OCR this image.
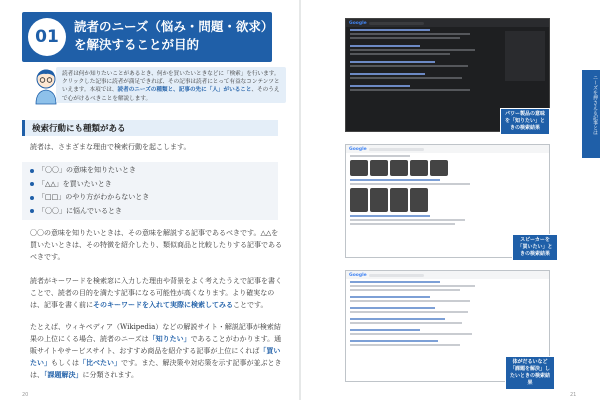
01
読者のニーズ（悩み・問題・欲求）を解決することが目的
読者は何か知りたいことがあるとき、何かを買いたいときなどに「検索」を行います。クリックした記事に読者が満足できれば、その記事は読者にとって有益なコンテンツといえます。本項では、読者のニーズの種類と、記事の先に「人」がいること、そのうえで心がけるべきことを解説します。
検索行動にも種類がある
読者は、さまざまな理由で検索行動を起こします。
「〇〇」の意味を知りたいとき
「△△」を買いたいとき
「□□」のやり方がわからないとき
「〇〇」に悩んでいるとき
〇〇の意味を知りたいときは、その意味を解説する記事であるべきです。△△を買いたいときは、その特徴を紹介したり、類似商品と比較したりする記事であるべきです。
読者がキーワードを検索窓に入力した理由や背景をよく考えたうえで記事を書くことで、読者の目的を満たす記事になる可能性が高くなります。より確実なのは、記事を書く前にそのキーワードを入れて実際に検索してみることです。
たとえば、ウィキペディア（Wikipedia）などの解説サイト・解説記事が検索結果の上位にくる場合、読者のニーズは「知りたい」であることがわかります。通販サイトやサービスサイト、おすすめ商品を紹介する記事が上位にくれば「買いたい」もしくは「比べたい」です。また、解決策や対応策を示す記事が並ぶときは、「課題解決」に分類されます。
20
Google
パワー製品の意味を「知りたい」ときの検索結果
Google
スピーカーを「買いたい」ときの検索結果
Google
体がだるいなど「課題を解決」したいときの検索結果
ニーズを押さえる記事とは
21
